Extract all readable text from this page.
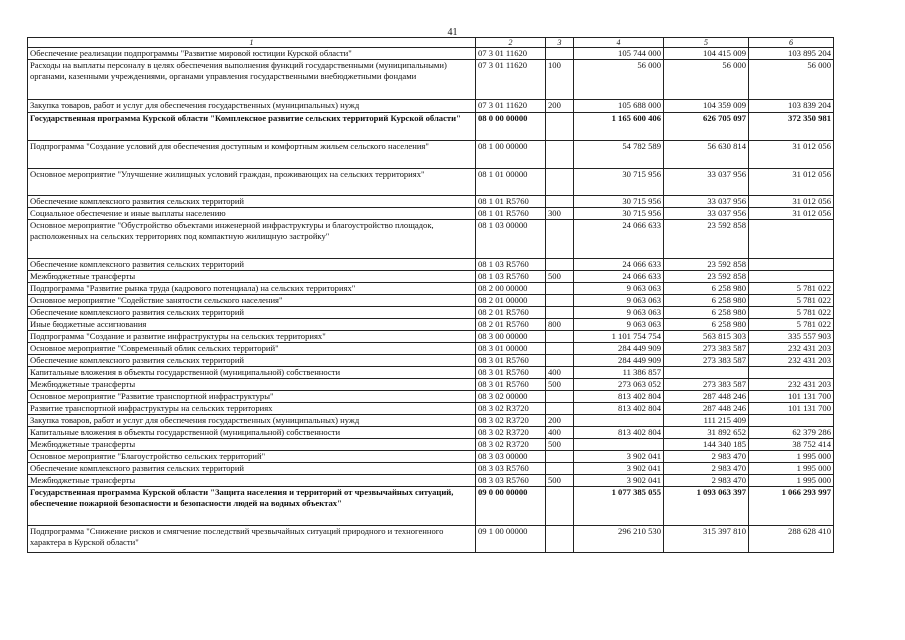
41
1	2	3	4	5	6
Обеспечение реализации подпрограммы "Развитие мировой юстиции Курской области"	07 3 01 11620		105 744 000	104 415 009	103 895 204
Расходы на выплаты персоналу в целях обеспечения выполнения функций государственными (муниципальными) органами, казенными учреждениями, органами управления государственными внебюджетными фондами	07 3 01 11620	100	56 000	56 000	56 000
Закупка товаров, работ и услуг для обеспечения государственных (муниципальных) нужд	07 3 01 11620	200	105 688 000	104 359 009	103 839 204
Государственная программа Курской области "Комплексное развитие сельских территорий Курской области"	08 0 00 00000		1 165 600 406	626 705 097	372 350 981
Подпрограмма "Создание условий для обеспечения доступным и комфортным жильем сельского населения"	08 1 00 00000		54 782 589	56 630 814	31 012 056
Основное мероприятие "Улучшение жилищных условий граждан, проживающих на сельских территориях"	08 1 01 00000		30 715 956	33 037 956	31 012 056
Обеспечение комплексного развития сельских территорий	08 1 01 R5760		30 715 956	33 037 956	31 012 056
Социальное обеспечение и иные выплаты населению	08 1 01 R5760	300	30 715 956	33 037 956	31 012 056
Основное мероприятие "Обустройство объектами инженерной инфраструктуры и благоустройство площадок, расположенных на сельских территориях под компактную жилищную застройку"	08 1 03 00000		24 066 633	23 592 858	
Обеспечение комплексного развития сельских территорий	08 1 03 R5760		24 066 633	23 592 858	
Межбюджетные трансферты	08 1 03 R5760	500	24 066 633	23 592 858	
Подпрограмма "Развитие рынка труда (кадрового потенциала) на сельских территориях"	08 2 00 00000		9 063 063	6 258 980	5 781 022
Основное мероприятие "Содействие занятости сельского населения"	08 2 01 00000		9 063 063	6 258 980	5 781 022
Обеспечение комплексного развития сельских территорий	08 2 01 R5760		9 063 063	6 258 980	5 781 022
Иные бюджетные ассигнования	08 2 01 R5760	800	9 063 063	6 258 980	5 781 022
Подпрограмма "Создание и развитие инфраструктуры на сельских территориях"	08 3 00 00000		1 101 754 754	563 815 303	335 557 903
Основное мероприятие "Современный облик сельских территорий"	08 3 01 00000		284 449 909	273 383 587	232 431 203
Обеспечение комплексного развития сельских территорий	08 3 01 R5760		284 449 909	273 383 587	232 431 203
Капитальные вложения в объекты государственной (муниципальной) собственности	08 3 01 R5760	400	11 386 857		
Межбюджетные трансферты	08 3 01 R5760	500	273 063 052	273 383 587	232 431 203
Основное мероприятие "Развитие транспортной инфраструктуры"	08 3 02 00000		813 402 804	287 448 246	101 131 700
Развитие транспортной инфраструктуры на сельских территориях	08 3 02 R3720		813 402 804	287 448 246	101 131 700
Закупка товаров, работ и услуг для обеспечения государственных (муниципальных) нужд	08 3 02 R3720	200		111 215 409	
Капитальные вложения в объекты государственной (муниципальной) собственности	08 3 02 R3720	400	813 402 804	31 892 652	62 379 286
Межбюджетные трансферты	08 3 02 R3720	500		144 340 185	38 752 414
Основное мероприятие "Благоустройство сельских территорий"	08 3 03 00000		3 902 041	2 983 470	1 995 000
Обеспечение комплексного развития сельских территорий	08 3 03 R5760		3 902 041	2 983 470	1 995 000
Межбюджетные трансферты	08 3 03 R5760	500	3 902 041	2 983 470	1 995 000
Государственная программа Курской области "Защита населения и территорий от чрезвычайных ситуаций, обеспечение пожарной безопасности и безопасности людей на водных объектах"	09 0 00 00000		1 077 385 055	1 093 063 397	1 066 293 997
Подпрограмма "Снижение рисков и смягчение последствий чрезвычайных ситуаций природного и техногенного характера в Курской области"	09 1 00 00000		296 210 530	315 397 810	288 628 410
